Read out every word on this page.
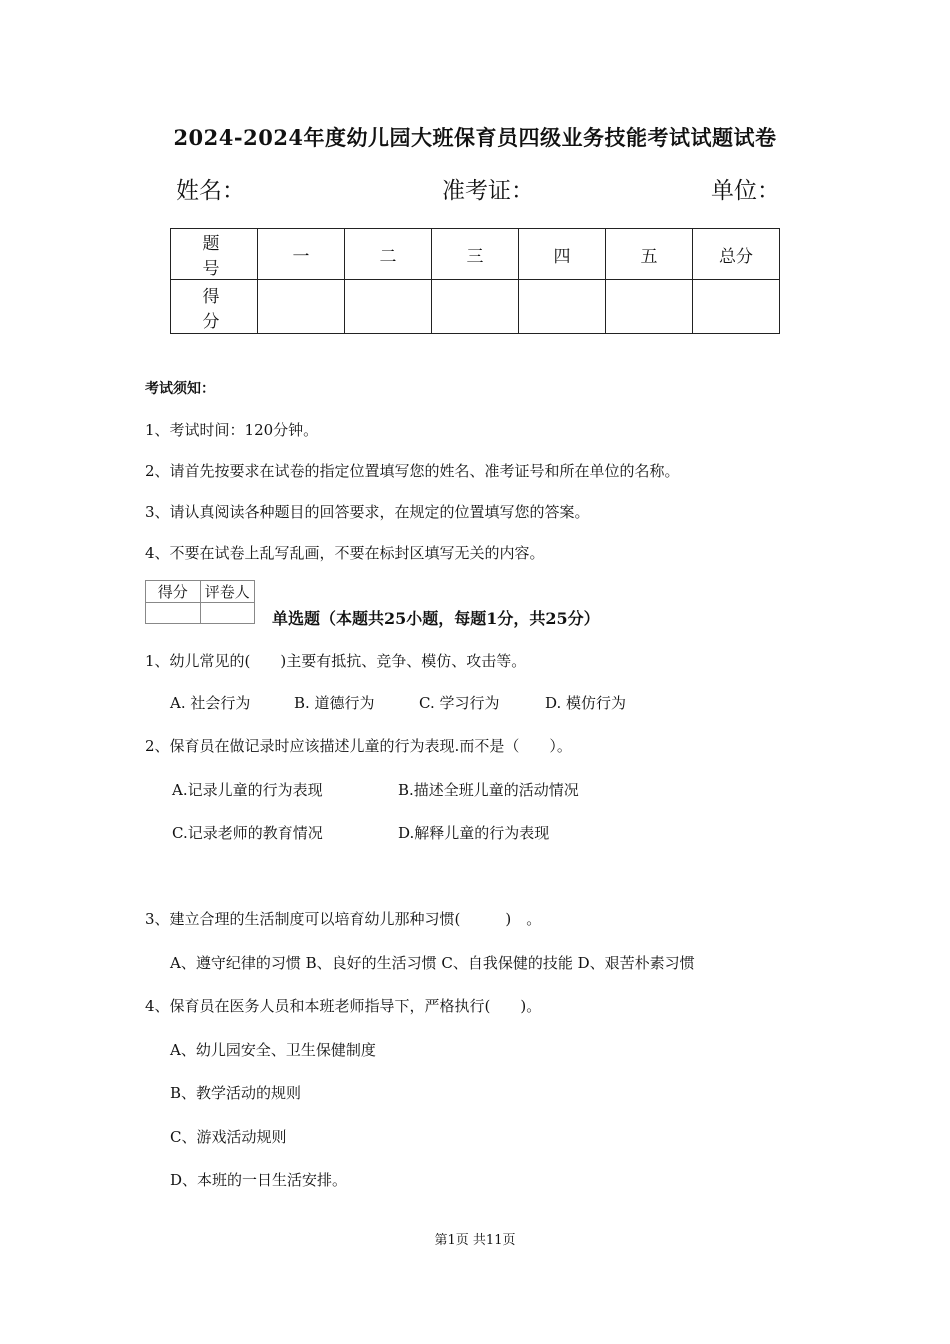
2024-2024年度幼儿园大班保育员四级业务技能考试试题试卷
姓名：	准考证：	单位：
题　号	一	二	三	四	五	总分
得　分						
考试须知：
1、考试时间：120分钟。
2、请首先按要求在试卷的指定位置填写您的姓名、准考证号和所在单位的名称。
3、请认真阅读各种题目的回答要求，在规定的位置填写您的答案。
4、不要在试卷上乱写乱画，不要在标封区填写无关的内容。
得分	评卷人

单选题（本题共25小题，每题1分，共25分）
1、幼儿常见的(　　)主要有抵抗、竞争、模仿、攻击等。
A. 社会行为	B. 道德行为	C. 学习行为	D. 模仿行为
2、保育员在做记录时应该描述儿童的行为表现.而不是（　　）。
A.记录儿童的行为表现	B.描述全班儿童的活动情况
C.记录老师的教育情况	D.解释儿童的行为表现
3、建立合理的生活制度可以培育幼儿那种习惯(　　　)　。
A、遵守纪律的习惯 B、良好的生活习惯 C、自我保健的技能 D、艰苦朴素习惯
4、保育员在医务人员和本班老师指导下，严格执行(　　)。
A、幼儿园安全、卫生保健制度
B、教学活动的规则
C、游戏活动规则
D、本班的一日生活安排。
第1页 共11页
